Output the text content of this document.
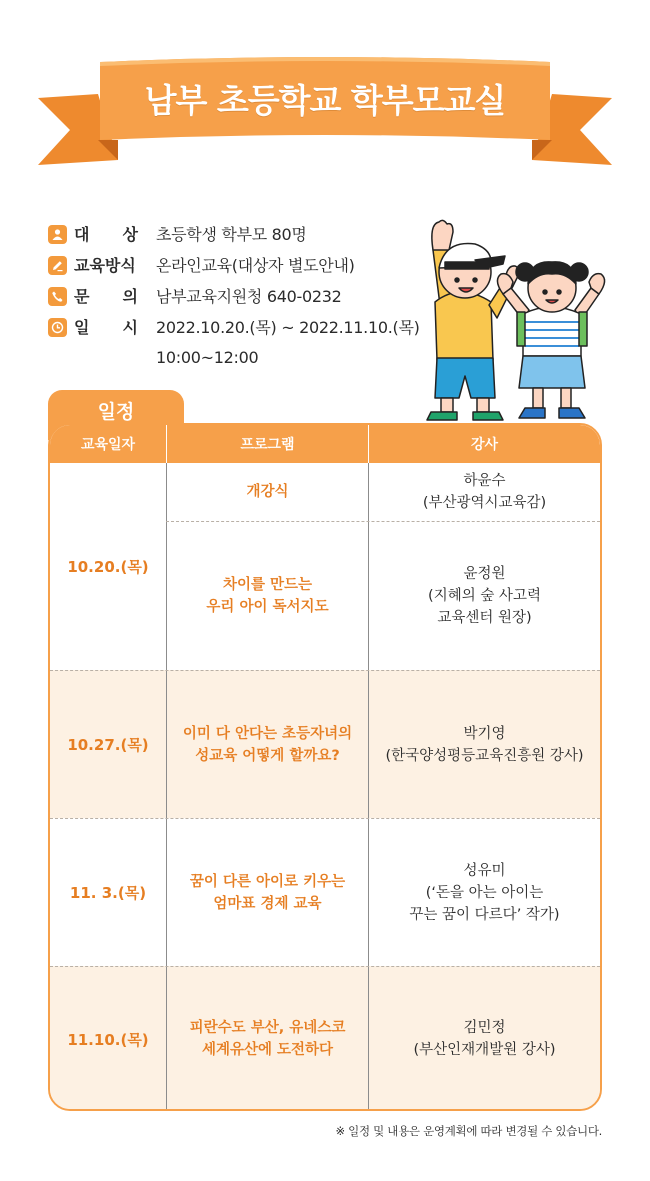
남부 초등학교 학부모교실
대 상 초등학생 학부모 80명
교육방식 온라인교육(대상자 별도안내)
문 의 남부교육지원청 640-0232
일 시 2022.10.20.(목) ~ 2022.11.10.(목)
10:00~12:00
일정
교육일자	프로그램	강사
10.20.(목)
개강식
하윤수
(부산광역시교육감)
차이를 만드는
우리 아이 독서지도
윤정원
(지혜의 숲 사고력
교육센터 원장)
10.27.(목)
이미 다 안다는 초등자녀의
성교육 어떻게 할까요?
박기영
(한국양성평등교육진흥원 강사)
11. 3.(목)
꿈이 다른 아이로 키우는
엄마표 경제 교육
성유미
(‘돈을 아는 아이는
꾸는 꿈이 다르다’ 작가)
11.10.(목)
피란수도 부산, 유네스코
세계유산에 도전하다
김민정
(부산인재개발원 강사)
※ 일정 및 내용은 운영계획에 따라 변경될 수 있습니다.
